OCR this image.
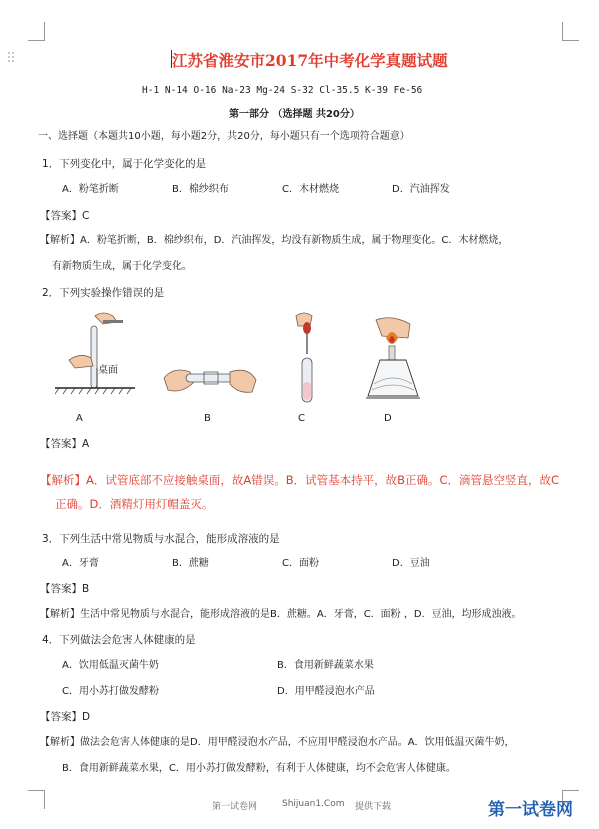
江苏省淮安市2017年中考化学真题试题
H-1 N-14 O-16 Na-23 Mg-24 S-32 Cl-35.5 K-39 Fe-56
第一部分 （选择题 共20分）
一、选择题（本题共10小题，每小题2分，共20分，每小题只有一个选项符合题意）
1．下列变化中，属于化学变化的是
A．粉笔折断	B．棉纱织布	C．木材燃烧	D．汽油挥发
【答案】C
【解析】A．粉笔折断，B．棉纱织布，D．汽油挥发，均没有新物质生成，属于物理变化。C．木材燃烧，
有新物质生成，属于化学变化。
2．下列实验操作错误的是
桌面
A	B	C	D
【答案】A
【解析】A．试管底部不应接触桌面，故A错误。B．试管基本持平，故B正确。C．滴管悬空竖直，故C
正确。D．酒精灯用灯帽盖灭。
3．下列生活中常见物质与水混合，能形成溶液的是
A．牙膏	B．蔗糖	C．面粉	D．豆油
【答案】B
【解析】生活中常见物质与水混合，能形成溶液的是B．蔗糖。A．牙膏，C．面粉 ，D．豆油，均形成浊液。
4．下列做法会危害人体健康的是
A．饮用低温灭菌牛奶	B．食用新鲜蔬菜水果
C．用小苏打做发酵粉	D．用甲醛浸泡水产品
【答案】D
【解析】做法会危害人体健康的是D．用甲醛浸泡水产品，不应用甲醛浸泡水产品。A．饮用低温灭菌牛奶，
B．食用新鲜蔬菜水果，C．用小苏打做发酵粉，有利于人体健康，均不会危害人体健康。
第一试卷网	Shijuan1.Com 提供下载	第一试卷网
